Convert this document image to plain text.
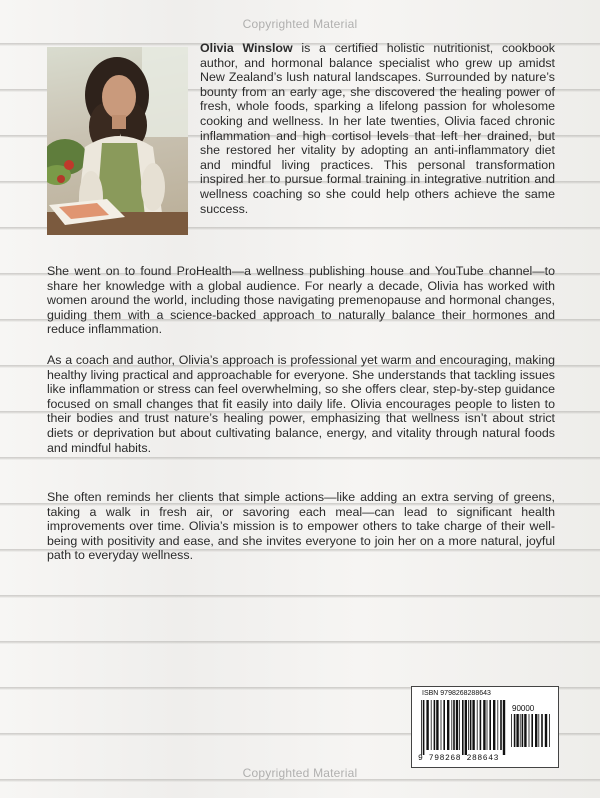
Copyrighted Material
Olivia Winslow is a certified holistic nutritionist, cookbook author, and hormonal balance specialist who grew up amidst New Zealand’s lush natural landscapes. Surrounded by nature’s bounty from an early age, she discovered the healing power of fresh, whole foods, sparking a lifelong passion for wholesome cooking and wellness. In her late twenties, Olivia faced chronic inflammation and high cortisol levels that left her drained, but she restored her vitality by adopting an anti-inflammatory diet and mindful living practices. This personal transformation inspired her to pursue formal training in integrative nutrition and wellness coaching so she could help others achieve the same success.

She went on to found ProHealth—a wellness publishing house and YouTube channel—to share her knowledge with a global audience. For nearly a decade, Olivia has worked with women around the world, including those navigating premenopause and hormonal changes, guiding them with a science-backed approach to naturally balance their hormones and reduce inflammation.

As a coach and author, Olivia’s approach is professional yet warm and encouraging, making healthy living practical and approachable for everyone. She understands that tackling issues like inflammation or stress can feel overwhelming, so she offers clear, step-by-step guidance focused on small changes that fit easily into daily life. Olivia encourages people to listen to their bodies and trust nature’s healing power, emphasizing that wellness isn’t about strict diets or deprivation but about cultivating balance, energy, and vitality through natural foods and mindful habits.

She often reminds her clients that simple actions—like adding an extra serving of greens, taking a walk in fresh air, or savoring each meal—can lead to significant health improvements over time. Olivia’s mission is to empower others to take charge of their well-being with positivity and ease, and she invites everyone to join her on a more natural, joyful path to everyday wellness.

ISBN 9798268288643
90000
9 798268 288643
Copyrighted Material
